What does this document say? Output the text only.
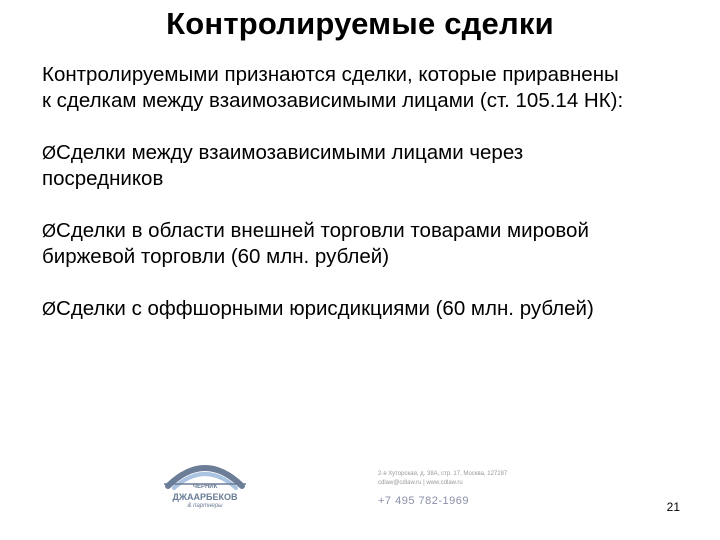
Контролируемые сделки
Контролируемыми признаются сделки, которые приравнены
к сделкам между взаимозависимыми лицами (ст. 105.14 НК):
ØСделки между взаимозависимыми лицами через
посредников
ØСделки в области внешней торговли товарами мировой
биржевой торговли (60 млн. рублей)
ØСделки с оффшорными юрисдикциями (60 млн. рублей)
ЧЕРНИК
ДЖААРБЕКОВ
& партнеры
2-я Хуторская, д. 38А, стр. 17, Москва, 127287
cdlaw@cdlaw.ru | www.cdlaw.ru
+7 495 782-1969	21
